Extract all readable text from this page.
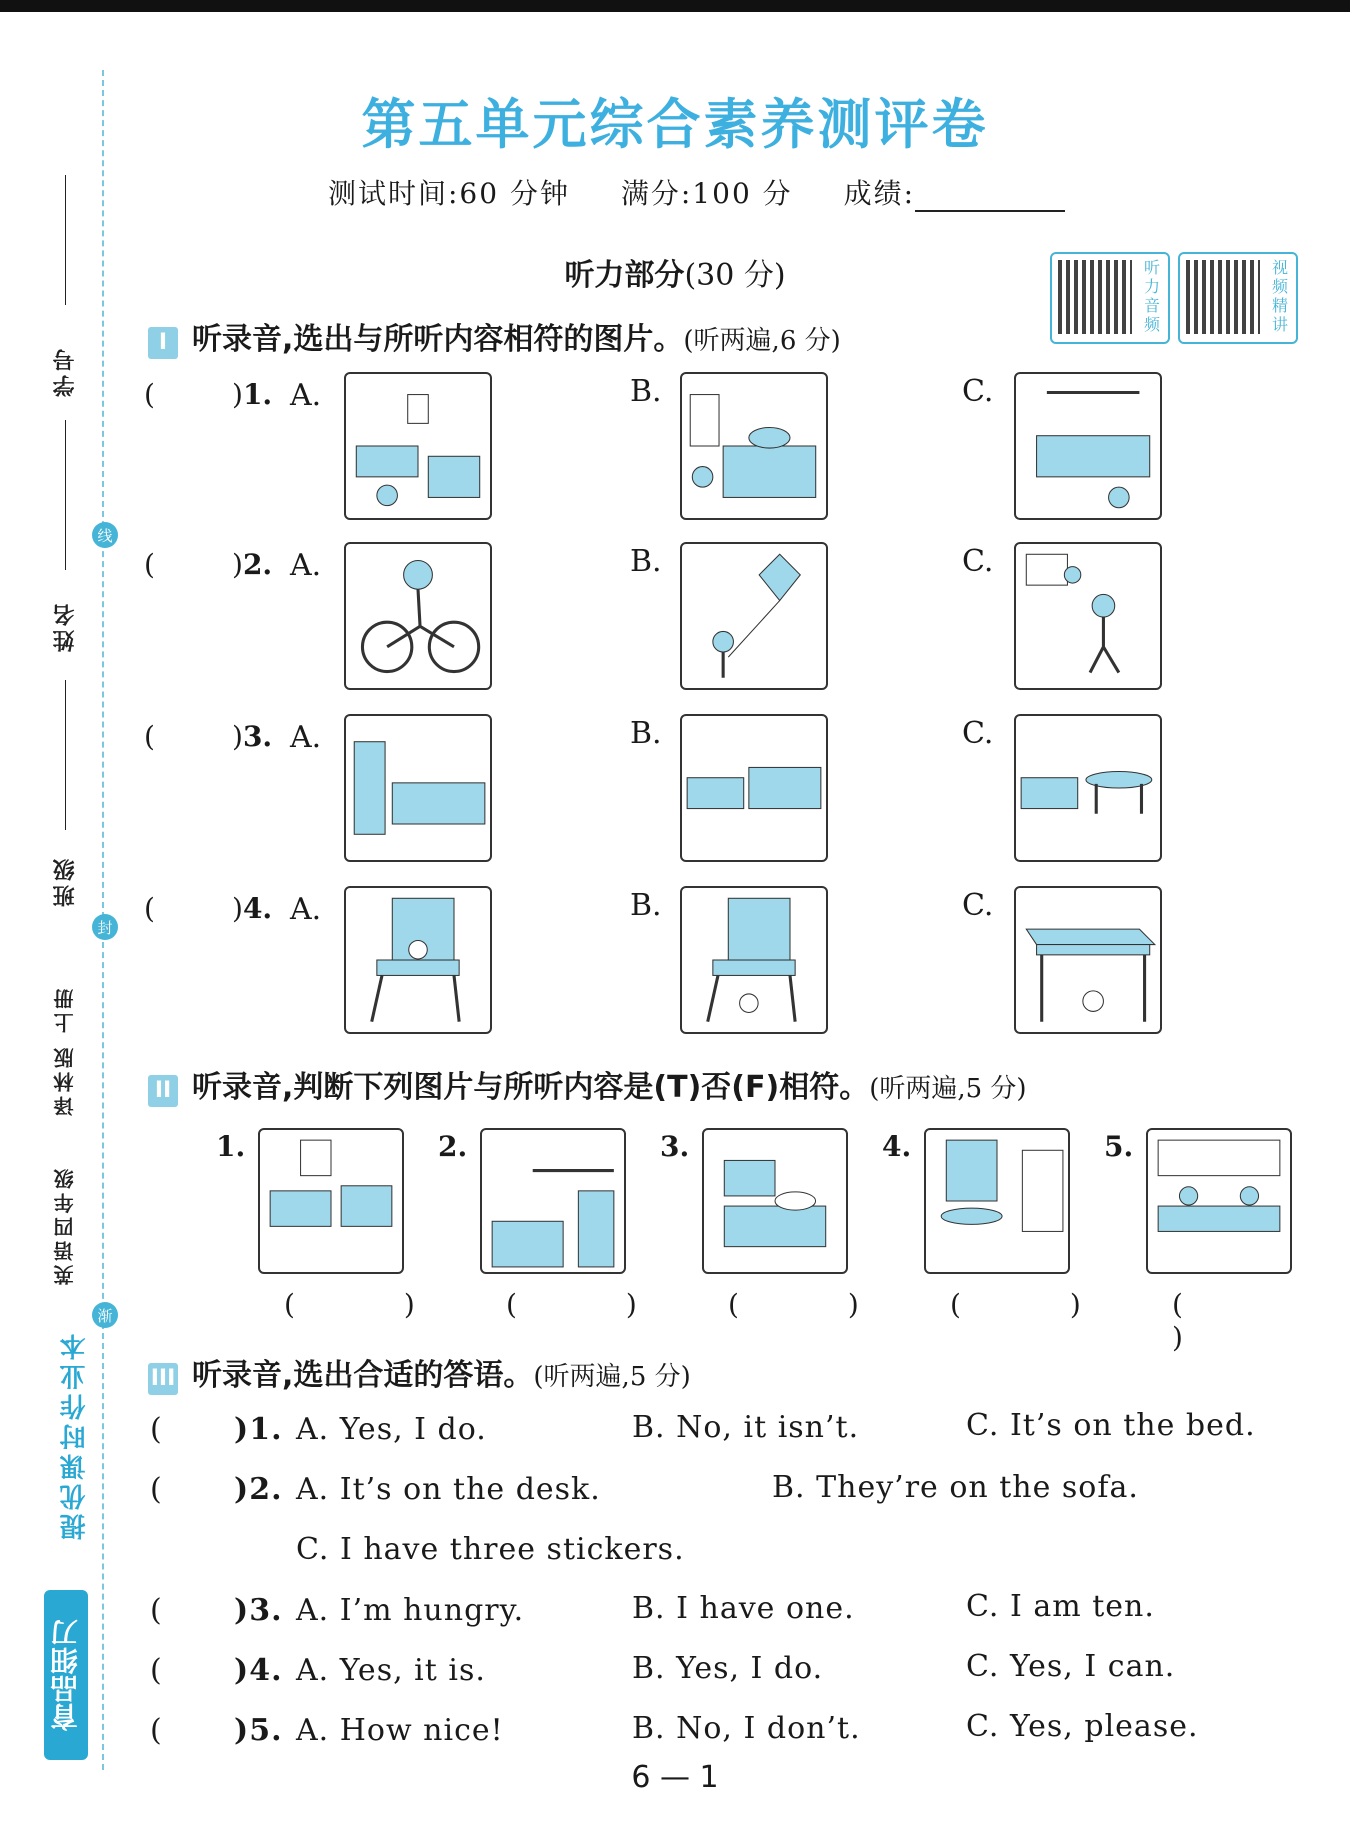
学号
姓名
班级
译林版 上册
英语四年级
线
封
渐
提优课时作业本
育品细刀
第五单元综合素养测评卷
测试时间:60 分钟 满分:100 分 成绩:
听力部分(30 分)	听力音频
视频精讲
I 听录音,选出与所听内容相符的图片。(听两遍,6 分)
(	)1. A.	B.	C.
(	)2. A.	B.	C.
(	)3. A.	B.	C.
(	)4. A.	B.	C.
II 听录音,判断下列图片与所听内容是(T)否(F)相符。(听两遍,5 分)
1.
( )
2.
( )
3.
( )
4.
( )
5.
( )
III 听录音,选出合适的答语。(听两遍,5 分)
( )1. A. Yes, I do.	B. No, it isn’t.	C. It’s on the bed.
( )2. A. It’s on the desk.	B. They’re on the sofa.
C. I have three stickers.
( )3. A. I’m hungry.	B. I have one.	C. I am ten.
( )4. A. Yes, it is.	B. Yes, I do.	C. Yes, I can.
( )5. A. How nice!	B. No, I don’t.	C. Yes, please.
6 — 1
